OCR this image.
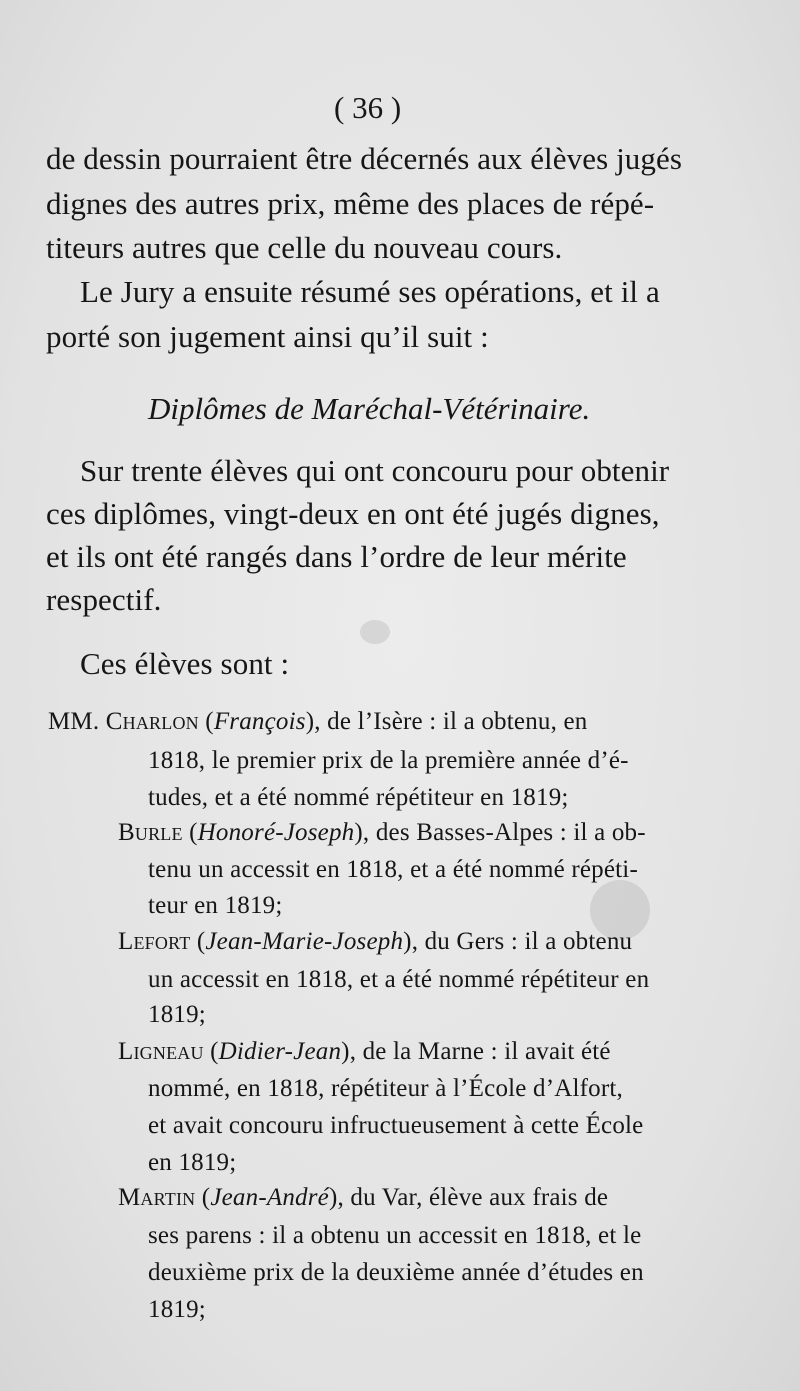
( 36 )
de dessin pourraient être décernés aux élèves jugés
dignes des autres prix, même des places de répé-
titeurs autres que celle du nouveau cours.
Le Jury a ensuite résumé ses opérations, et il a
porté son jugement ainsi qu’il suit :
Diplômes de Maréchal-Vétérinaire.
Sur trente élèves qui ont concouru pour obtenir
ces diplômes, vingt-deux en ont été jugés dignes,
et ils ont été rangés dans l’ordre de leur mérite
respectif.
Ces élèves sont :
MM. Charlon (François), de l’Isère : il a obtenu, en
1818, le premier prix de la première année d’é-
tudes, et a été nommé répétiteur en 1819;
Burle (Honoré-Joseph), des Basses-Alpes : il a ob-
tenu un accessit en 1818, et a été nommé répéti-
teur en 1819;
Lefort (Jean-Marie-Joseph), du Gers : il a obtenu
un accessit en 1818, et a été nommé répétiteur en
1819;
Ligneau (Didier-Jean), de la Marne : il avait été
nommé, en 1818, répétiteur à l’École d’Alfort,
et avait concouru infructueusement à cette École
en 1819;
Martin (Jean-André), du Var, élève aux frais de
ses parens : il a obtenu un accessit en 1818, et le
deuxième prix de la deuxième année d’études en
1819;
